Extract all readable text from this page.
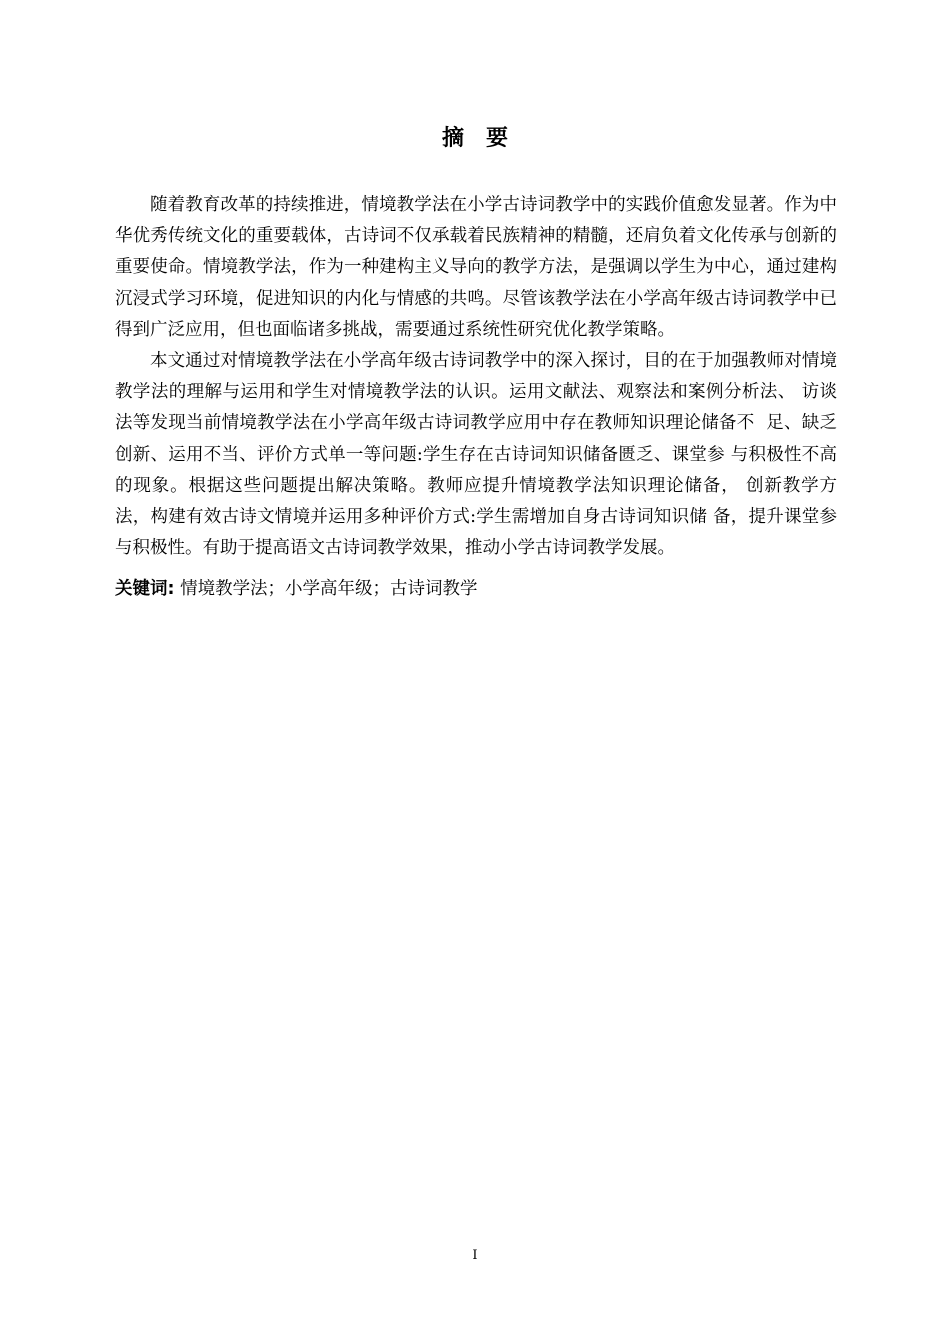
摘要

随着教育改革的持续推进，情境教学法在小学古诗词教学中的实践价值愈发显著。作为中华优秀传统文化的重要载体，古诗词不仅承载着民族精神的精髓，还肩负着文化传承与创新的重要使命。情境教学法，作为一种建构主义导向的教学方法，是强调以学生为中心，通过建构沉浸式学习环境，促进知识的内化与情感的共鸣。尽管该教学法在小学高年级古诗词教学中已得到广泛应用，但也面临诸多挑战，需要通过系统性研究优化教学策略。

本文通过对情境教学法在小学高年级古诗词教学中的深入探讨，目的在于加强教师对情境教学法的理解与运用和学生对情境教学法的认识。运用文献法、观察法和案例分析法、 访谈法等发现当前情境教学法在小学高年级古诗词教学应用中存在教师知识理论储备不  足、缺乏创新、运用不当、评价方式单一等问题:学生存在古诗词知识储备匮乏、课堂参 与积极性不高的现象。根据这些问题提出解决策略。教师应提升情境教学法知识理论储备， 创新教学方法，构建有效古诗文情境并运用多种评价方式:学生需增加自身古诗词知识储 备，提升课堂参与积极性。有助于提高语文古诗词教学效果，推动小学古诗词教学发展。

关键词: 情境教学法；小学高年级；古诗词教学
I
